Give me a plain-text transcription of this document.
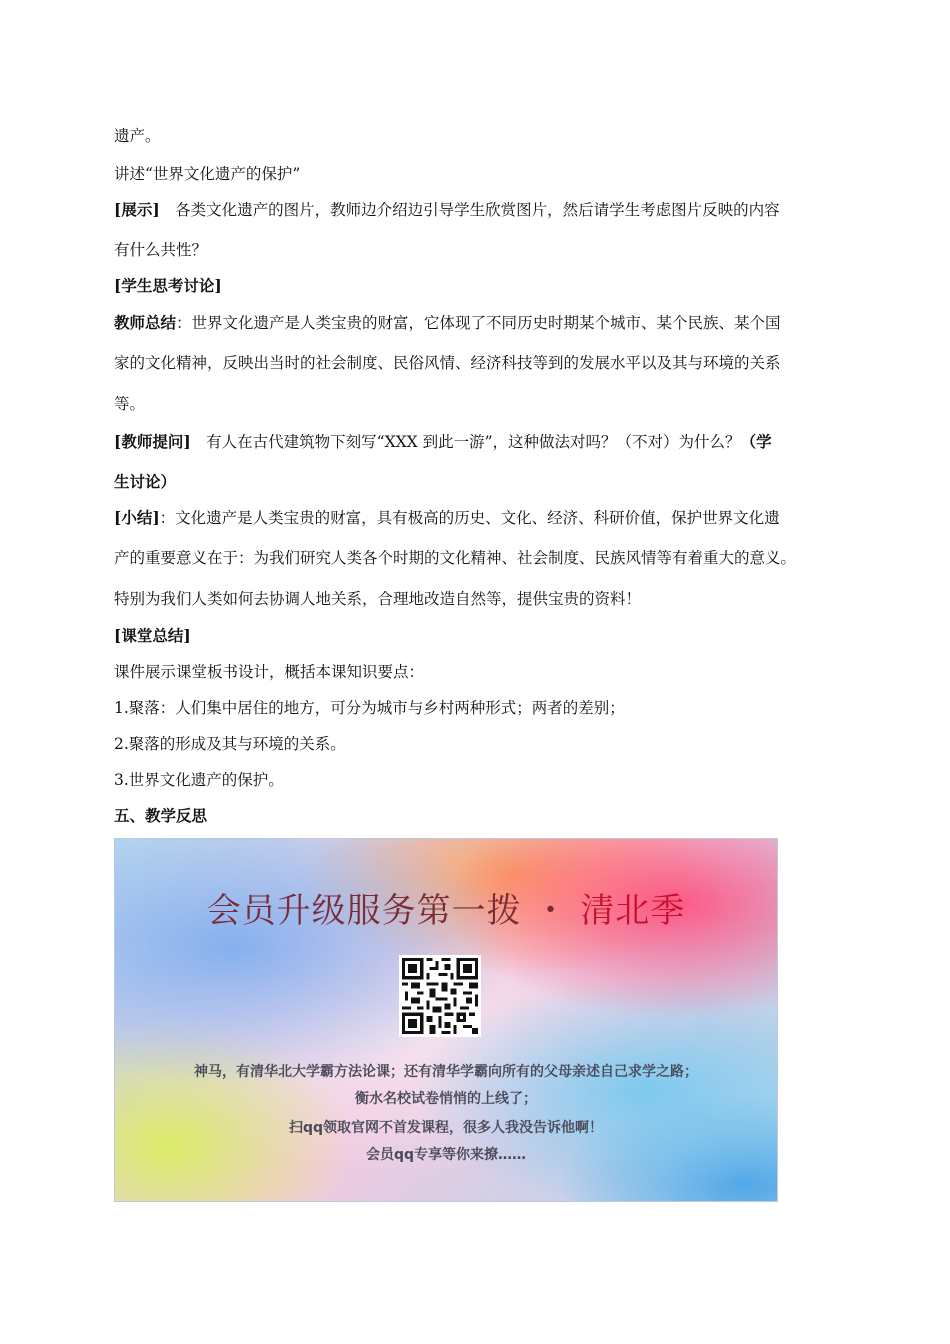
遗产。
讲述“世界文化遗产的保护”
[展示]　各类文化遗产的图片，教师边介绍边引导学生欣赏图片，然后请学生考虑图片反映的内容
有什么共性？
[学生思考讨论]
教师总结：世界文化遗产是人类宝贵的财富，它体现了不同历史时期某个城市、某个民族、某个国
家的文化精神，反映出当时的社会制度、民俗风情、经济科技等到的发展水平以及其与环境的关系
等。
[教师提问]　有人在古代建筑物下刻写“XXX 到此一游”，这种做法对吗？（不对）为什么？（学
生讨论）
[小结]：文化遗产是人类宝贵的财富，具有极高的历史、文化、经济、科研价值，保护世界文化遗
产的重要意义在于：为我们研究人类各个时期的文化精神、社会制度、民族风情等有着重大的意义。
特别为我们人类如何去协调人地关系，合理地改造自然等，提供宝贵的资料！
[课堂总结]
课件展示课堂板书设计，概括本课知识要点：
1.聚落：人们集中居住的地方，可分为城市与乡村两种形式；两者的差别；
2.聚落的形成及其与环境的关系。
3.世界文化遗产的保护。
五、教学反思
会员升级服务第一拨 ・ 清北季
神马，有清华北大学霸方法论课；还有清华学霸向所有的父母亲述自己求学之路；
衡水名校试卷悄悄的上线了；
扫qq领取官网不首发课程，很多人我没告诉他啊！
会员qq专享等你来撩……
